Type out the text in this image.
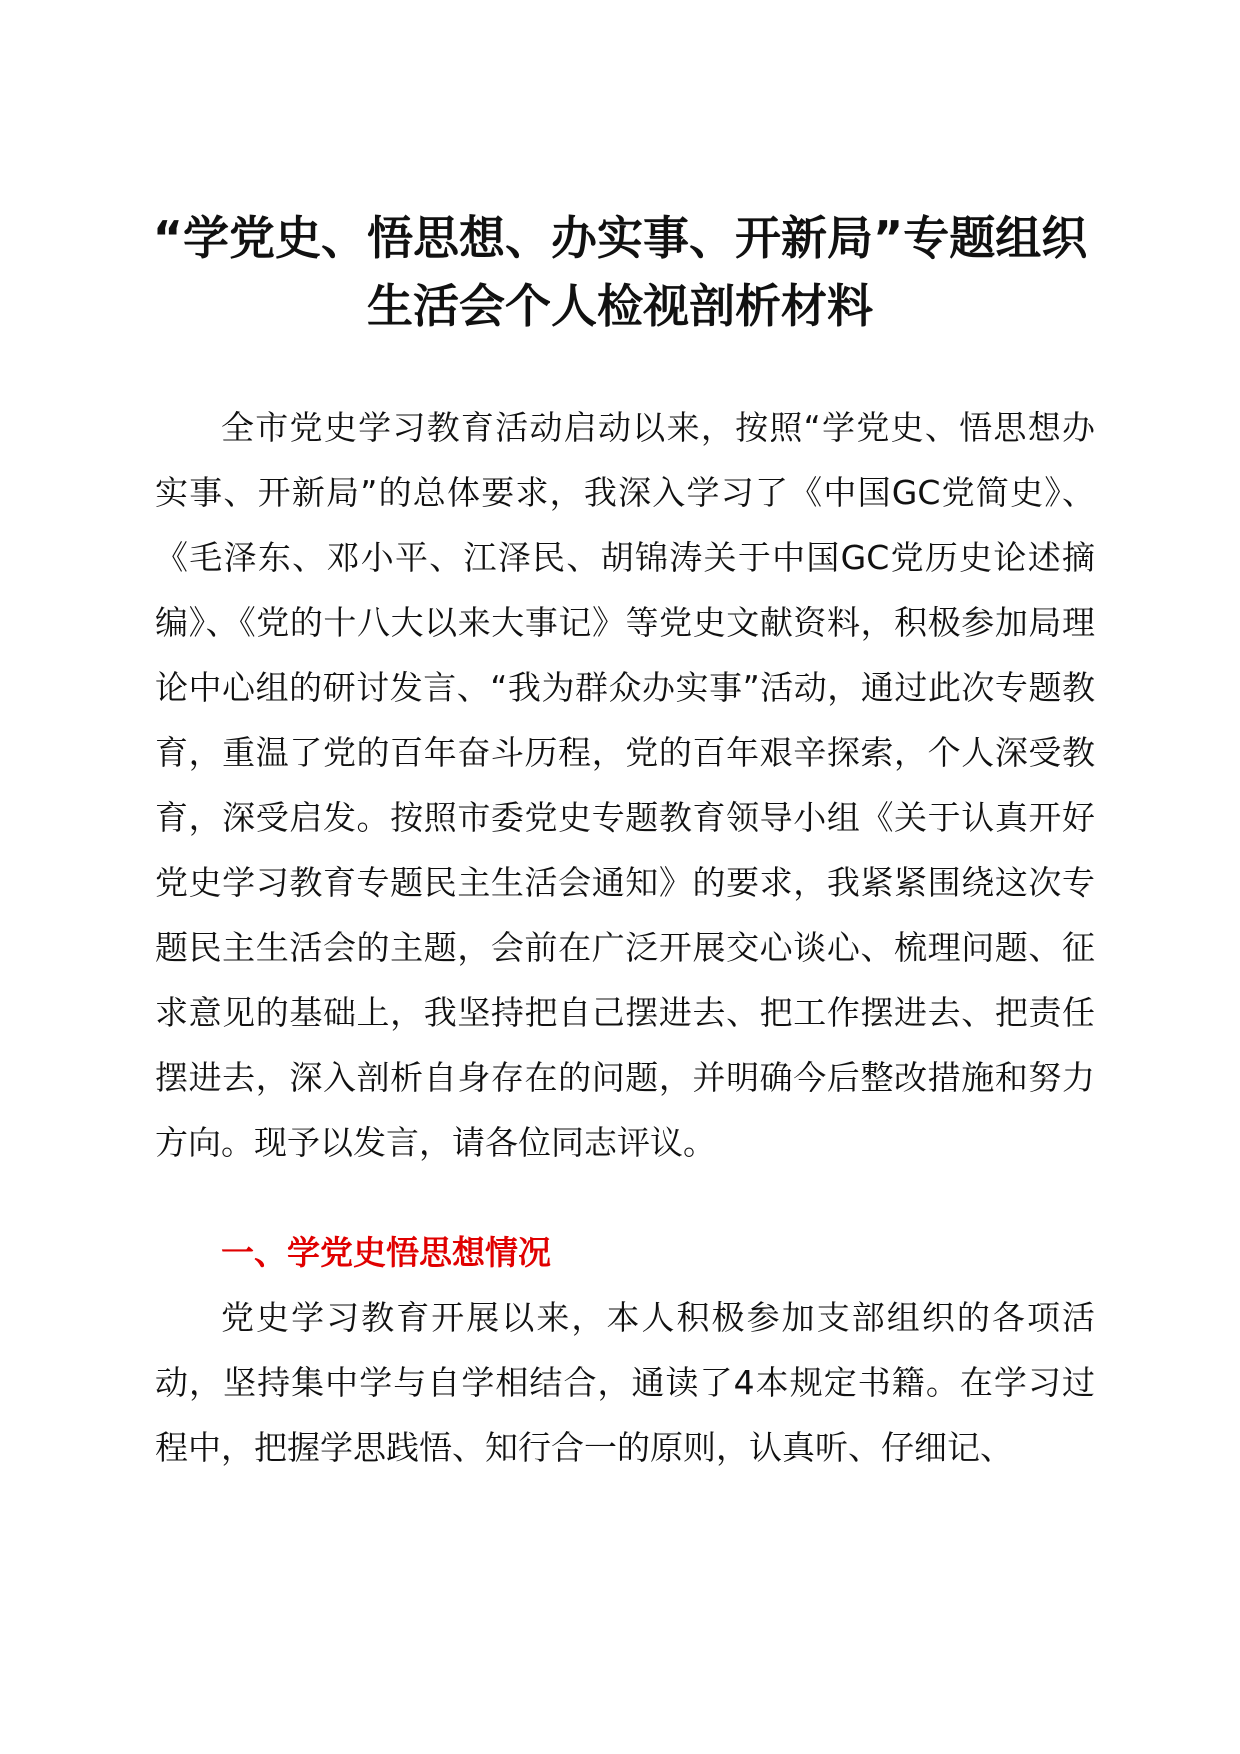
“学党史、悟思想、办实事、开新局”专题组织生活会个人检视剖析材料

全市党史学习教育活动启动以来，按照“学党史、悟思想办实事、开新局”的总体要求，我深入学习了《中国GC党简史》、《毛泽东、邓小平、江泽民、胡锦涛关于中国GC党历史论述摘编》、《党的十八大以来大事记》等党史文献资料，积极参加局理论中心组的研讨发言、“我为群众办实事”活动，通过此次专题教育，重温了党的百年奋斗历程，党的百年艰辛探索，个人深受教育，深受启发。按照市委党史专题教育领导小组《关于认真开好党史学习教育专题民主生活会通知》的要求，我紧紧围绕这次专题民主生活会的主题，会前在广泛开展交心谈心、梳理问题、征求意见的基础上，我坚持把自己摆进去、把工作摆进去、把责任摆进去，深入剖析自身存在的问题，并明确今后整改措施和努力方向。现予以发言，请各位同志评议。

一、学党史悟思想情况

党史学习教育开展以来，本人积极参加支部组织的各项活动，坚持集中学与自学相结合，通读了4本规定书籍。在学习过程中，把握学思践悟、知行合一的原则，认真听、仔细记、
